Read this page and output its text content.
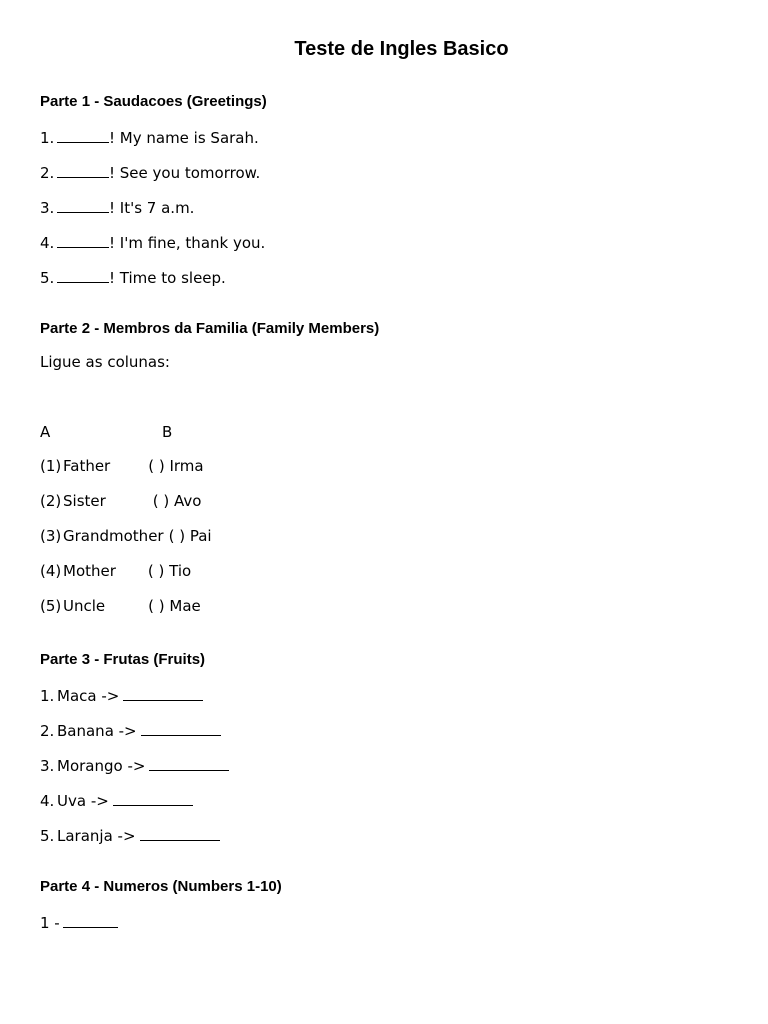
Teste de Ingles Basico
Parte 1 - Saudacoes (Greetings)
1.	! My name is Sarah.
2.	! See you tomorrow.
3.	! It's 7 a.m.
4.	! I'm fine, thank you.
5.	! Time to sleep.
Parte 2 - Membros da Familia (Family Members)
Ligue as colunas:
A	B
(1) Father	( ) Irma
(2) Sister	( ) Avo
(3) Grandmother ( ) Pai
(4) Mother ( ) Tio
(5) Uncle	( ) Mae
Parte 3 - Frutas (Fruits)
1. Maca ->
2. Banana ->
3. Morango ->
4. Uva ->
5. Laranja ->
Parte 4 - Numeros (Numbers 1-10)
1 -
